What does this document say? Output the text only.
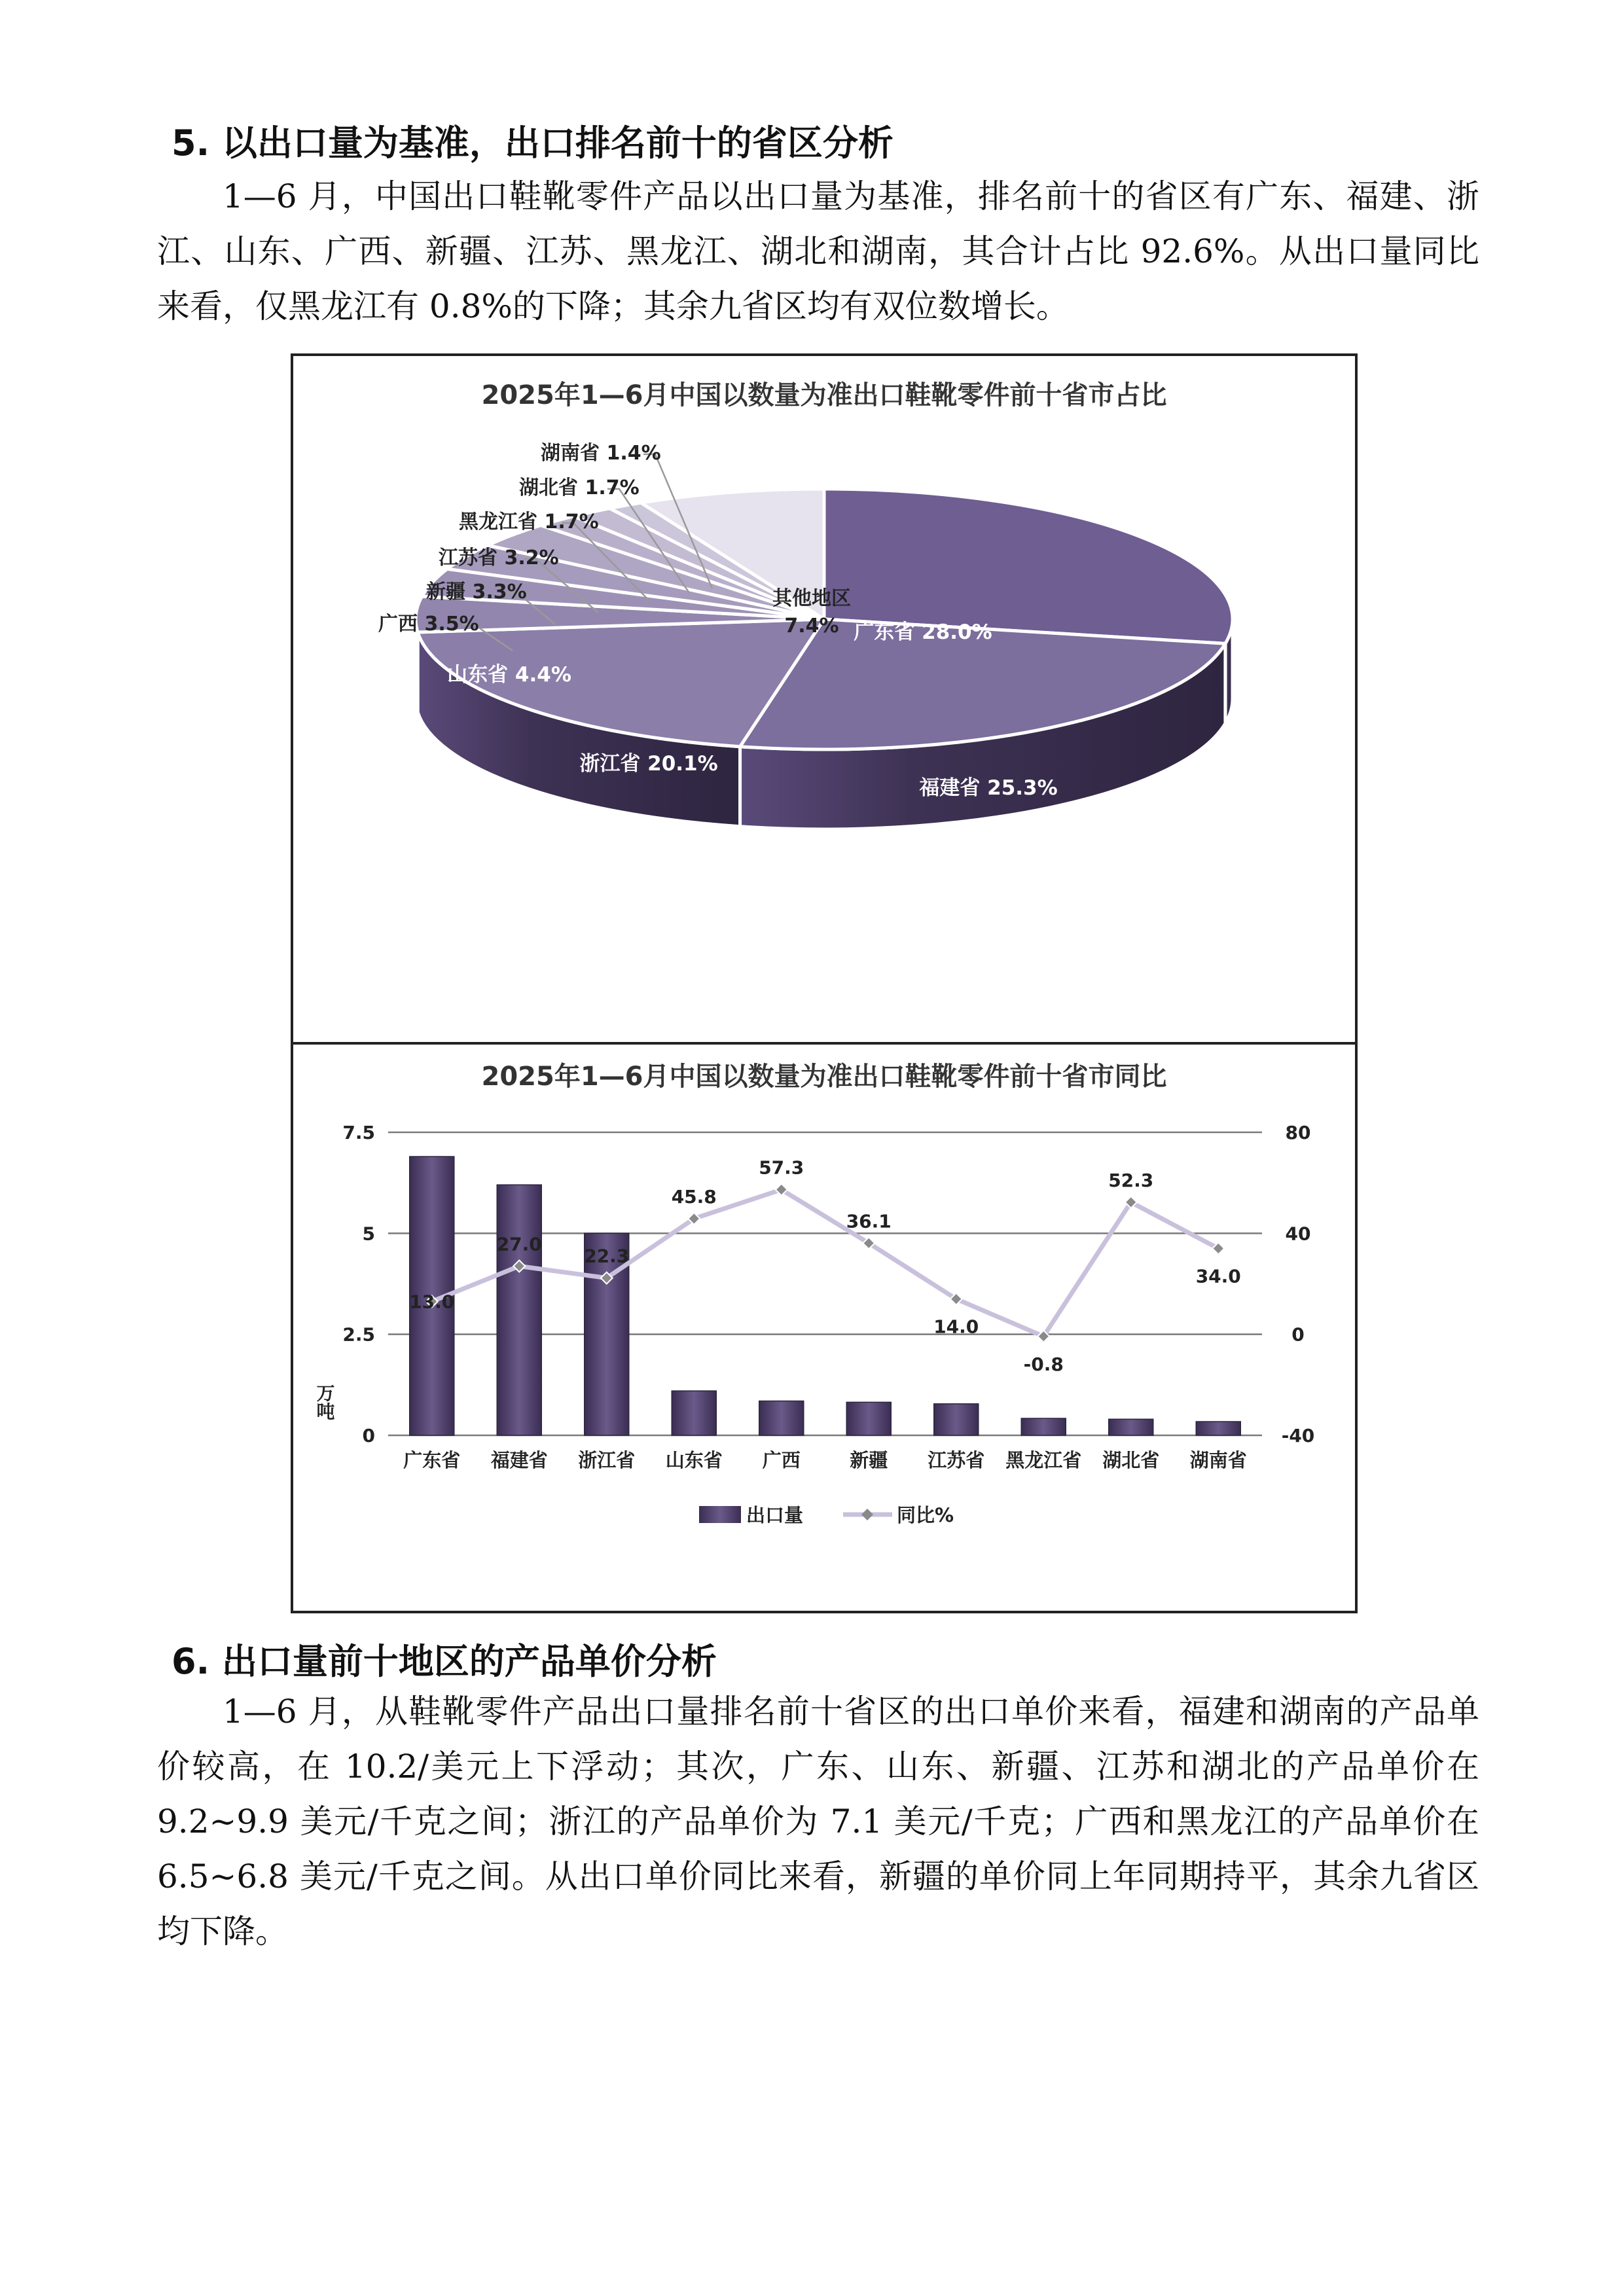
5. 以出口量为基准，出口排名前十的省区分析

1—6 月，中国出口鞋靴零件产品以出口量为基准，排名前十的省区有广东、福建、浙江、山东、广西、新疆、江苏、黑龙江、湖北和湖南，其合计占比 92.6%。从出口量同比来看，仅黑龙江有 0.8%的下降；其余九省区均有双位数增长。

2025年1—6月中国以数量为准出口鞋靴零件前十省市占比
广东省 28.0%
福建省 25.3%
浙江省 20.1%
山东省 4.4%
其他地区
7.4%
广西 3.5%
新疆 3.3%
江苏省 3.2%
黑龙江省 1.7%
湖北省 1.7%
湖南省 1.4%
2025年1—6月中国以数量为准出口鞋靴零件前十省市同比
0
2.5
5
7.5
-40
0
40
80
万吨
13.0
27.0
22.3
45.8
57.3
36.1
14.0
-0.8
52.3
34.0
广东省 福建省 浙江省 山东省 广西	新疆 江苏省 黑龙江省 湖北省 湖南省
出口量	同比%
6. 出口量前十地区的产品单价分析

1—6 月，从鞋靴零件产品出口量排名前十省区的出口单价来看，福建和湖南的产品单价较高，在 10.2/美元上下浮动；其次，广东、山东、新疆、江苏和湖北的产品单价在 9.2~9.9 美元/千克之间；浙江的产品单价为 7.1 美元/千克；广西和黑龙江的产品单价在 6.5~6.8 美元/千克之间。从出口单价同比来看，新疆的单价同上年同期持平，其余九省区均下降。
